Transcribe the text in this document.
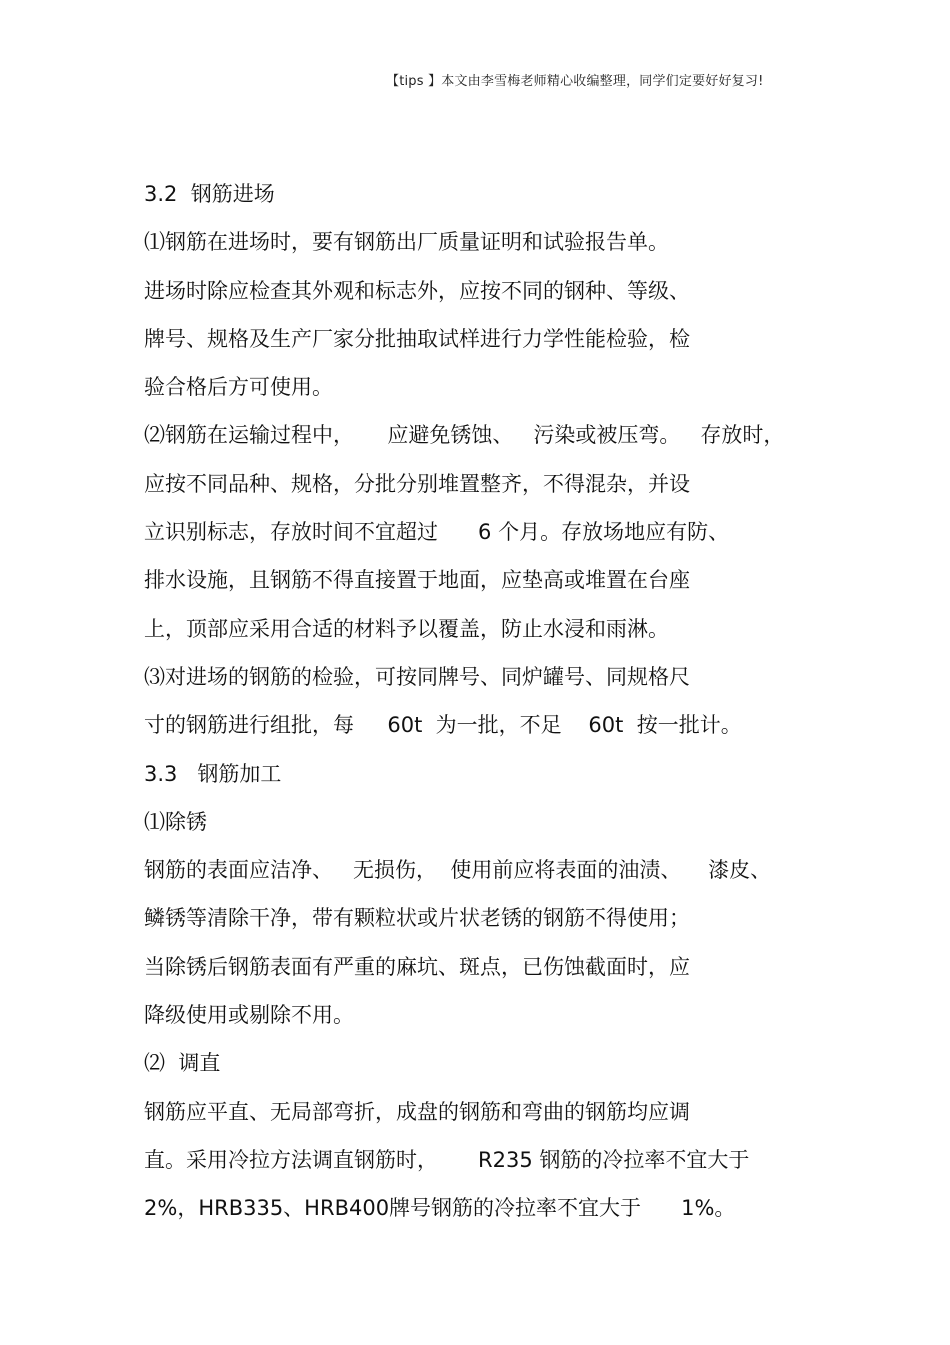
【tips 】本文由李雪梅老师精心收编整理，同学们定要好好复习!
3.2  钢筋进场
⑴钢筋在进场时，要有钢筋出厂质量证明和试验报告单。
进场时除应检查其外观和标志外，应按不同的钢种、等级、
牌号、规格及生产厂家分批抽取试样进行力学性能检验，检
验合格后方可使用。
⑵钢筋在运输过程中，     应避免锈蚀、   污染或被压弯。   存放时，
应按不同品种、规格，分批分别堆置整齐，不得混杂，并设
立识别标志，存放时间不宜超过      6 个月。存放场地应有防、
排水设施，且钢筋不得直接置于地面，应垫高或堆置在台座
上，顶部应采用合适的材料予以覆盖，防止水浸和雨淋。
⑶对进场的钢筋的检验，可按同牌号、同炉罐号、同规格尺
寸的钢筋进行组批，每     60t  为一批，不足    60t  按一批计。
3.3   钢筋加工
⑴除锈
钢筋的表面应洁净、   无损伤，  使用前应将表面的油渍、    漆皮、
鳞锈等清除干净，带有颗粒状或片状老锈的钢筋不得使用；
当除锈后钢筋表面有严重的麻坑、斑点，已伤蚀截面时，应
降级使用或剔除不用。
⑵  调直
钢筋应平直、无局部弯折，成盘的钢筋和弯曲的钢筋均应调
直。采用冷拉方法调直钢筋时，      R235 钢筋的冷拉率不宜大于
2%，HRB335、HRB400牌号钢筋的冷拉率不宜大于      1%。
